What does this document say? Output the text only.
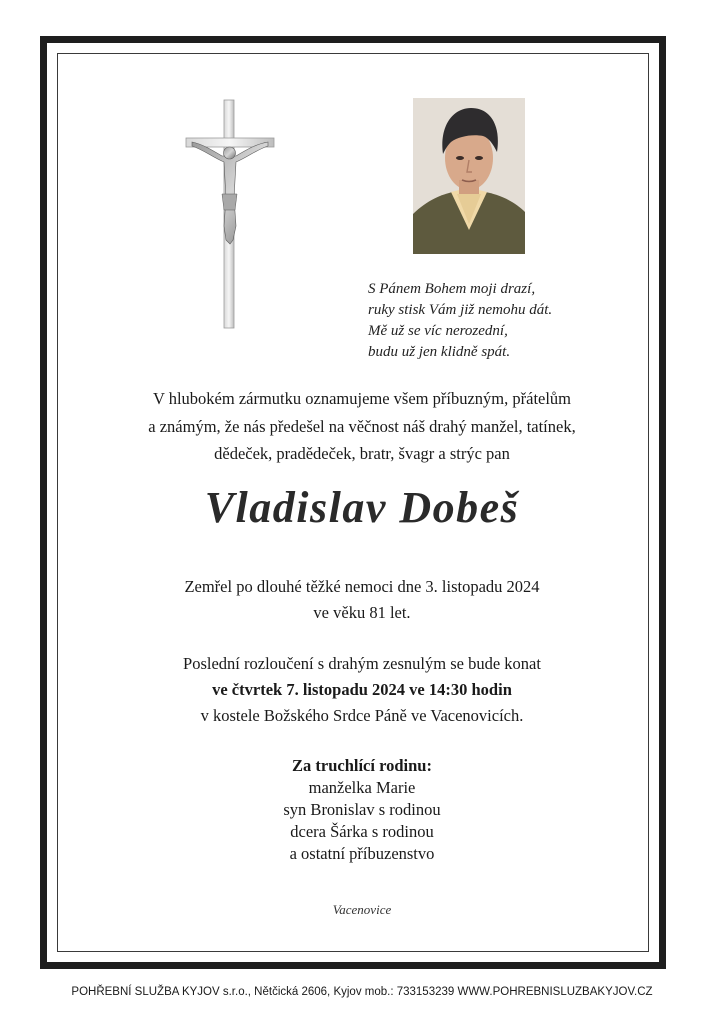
S Pánem Bohem moji drazí,
ruky stisk Vám již nemohu dát.
Mě už se víc nerozední,
budu už jen klidně spát.
V hlubokém zármutku oznamujeme všem příbuzným, přátelům
a známým, že nás předešel na věčnost náš drahý manžel, tatínek,
dědeček, pradědeček, bratr, švagr a strýc pan
Vladislav Dobeš
Zemřel po dlouhé těžké nemoci dne 3. listopadu 2024
ve věku 81 let.
Poslední rozloučení s drahým zesnulým se bude konat
ve čtvrtek 7. listopadu 2024 ve 14:30 hodin
v kostele Božského Srdce Páně ve Vacenovicích.
Za truchlící rodinu:
manželka Marie
syn Bronislav s rodinou
dcera Šárka s rodinou
a ostatní příbuzenstvo
Vacenovice
POHŘEBNÍ SLUŽBA KYJOV s.r.o., Nětčická 2606, Kyjov mob.: 733153239 WWW.POHREBNISLUZBAKYJOV.CZ
